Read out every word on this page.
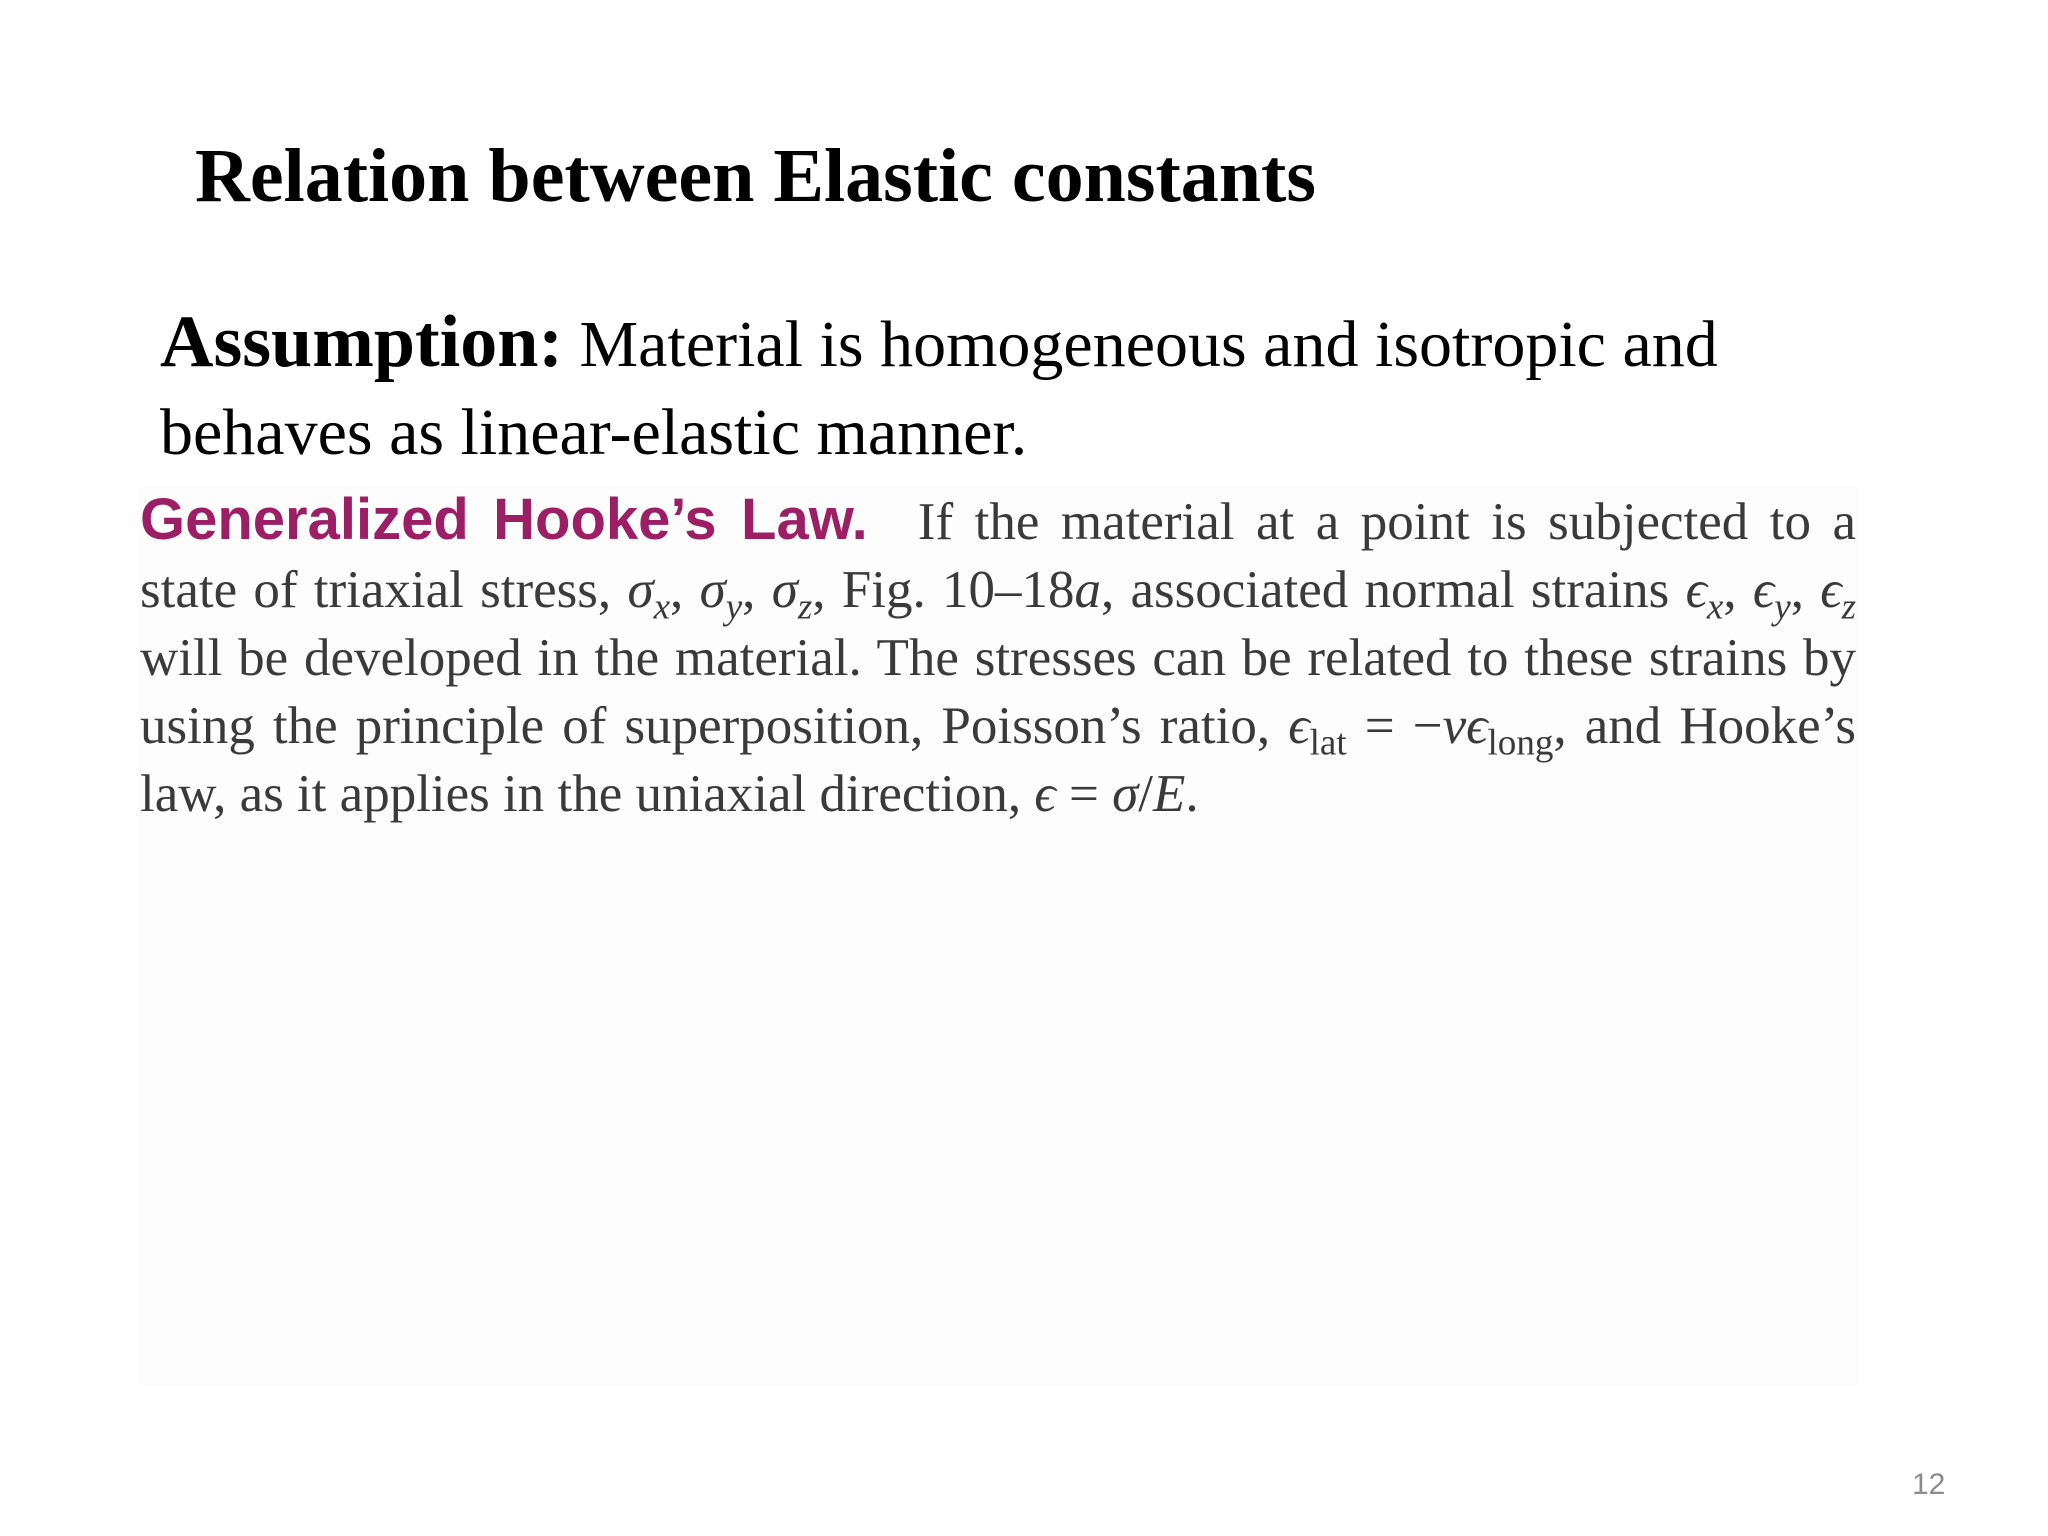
Relation between Elastic constants
Assumption: Material is homogeneous and isotropic and behaves as linear-elastic manner.
Generalized Hooke’s Law. If the material at a point is subjected to a state of triaxial stress, $\sigma_x$, $\sigma_y$, $\sigma_z$, Fig. 10–18a, associated normal strains $\epsilon_x$, $\epsilon_y$, $\epsilon_z$ will be developed in the material. The stresses can be related to these strains by using the principle of superposition, Poisson’s ratio, $\epsilon_{lat} = -\nu\epsilon_{long}$, and Hooke’s law, as it applies in the uniaxial direction, ϵ = σ/E.
12
